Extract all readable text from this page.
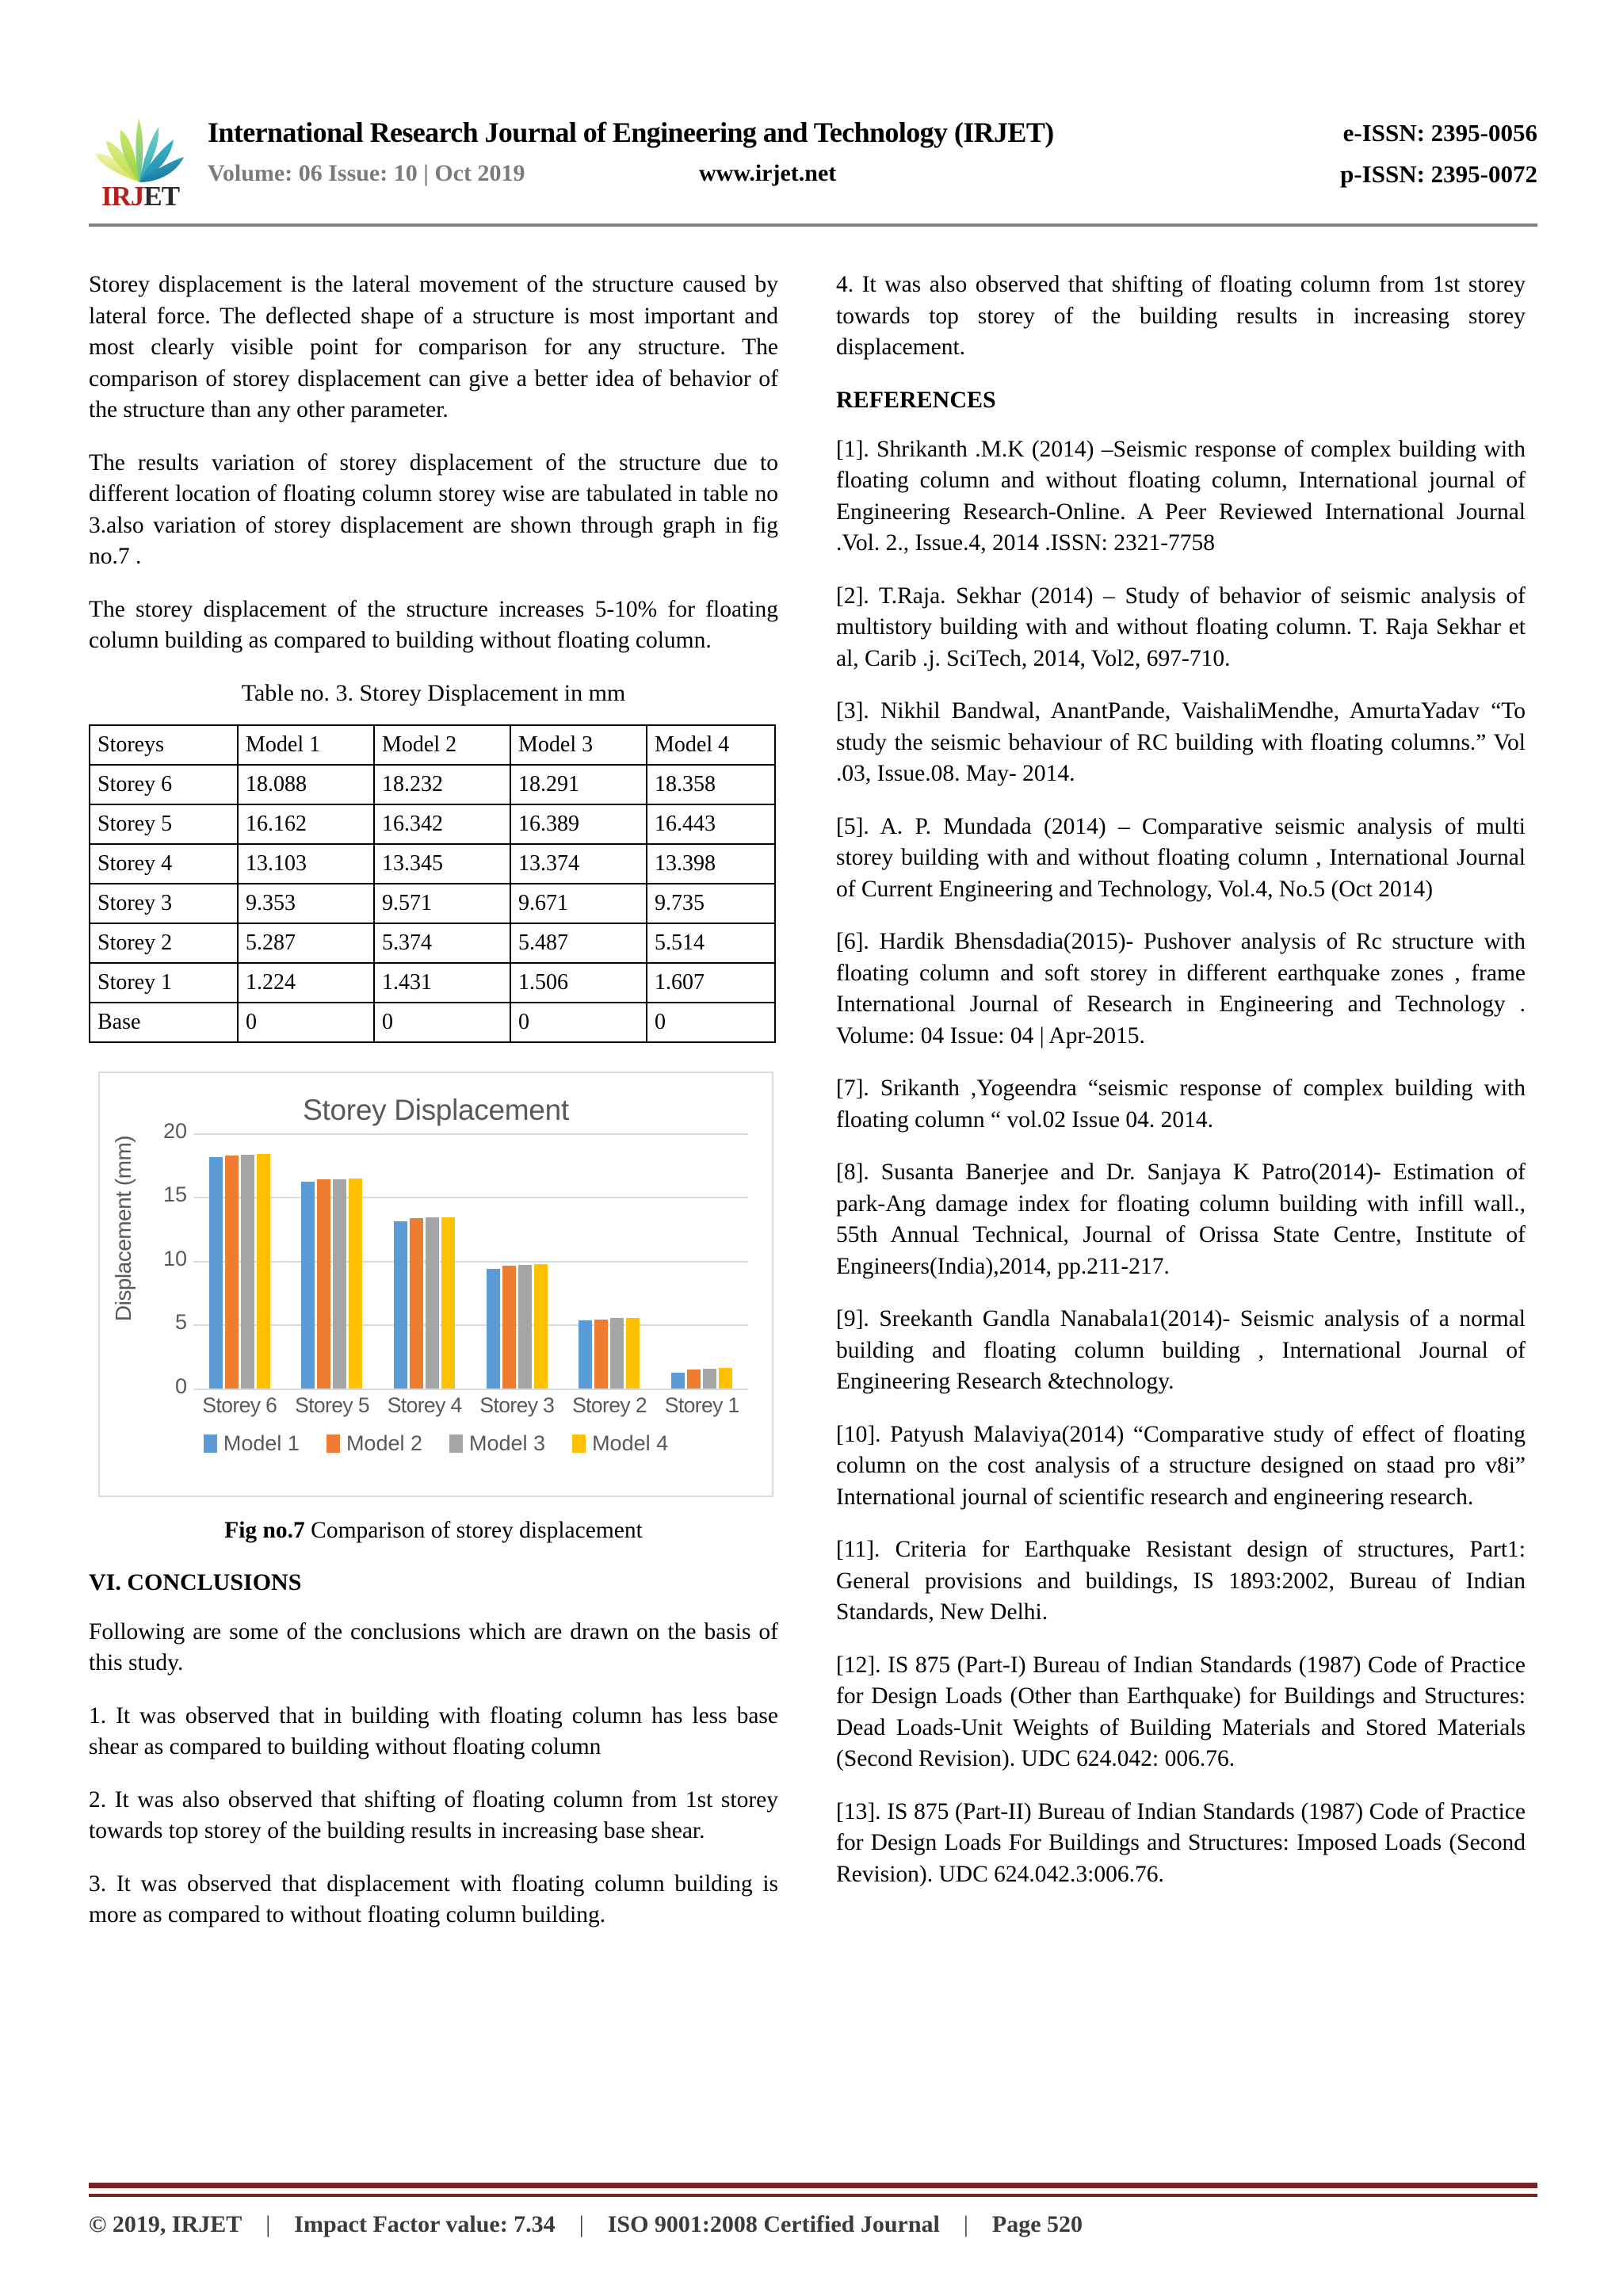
IRJET
International Research Journal of Engineering and Technology (IRJET)	e-ISSN: 2395-0056
Volume: 06 Issue: 10 | Oct 2019	www.irjet.net	p-ISSN: 2395-0072

Storey displacement is the lateral movement of the structure caused by lateral force. The deflected shape of a structure is most important and most clearly visible point for comparison for any structure. The comparison of storey displacement can give a better idea of behavior of the structure than any other parameter.

The results variation of storey displacement of the structure due to different location of floating column storey wise are tabulated in table no 3.also variation of storey displacement are shown through graph in fig no.7 .

The storey displacement of the structure increases 5-10% for floating column building as compared to building without floating column.

Table no. 3. Storey Displacement in mm
Storeys	Model 1	Model 2	Model 3	Model 4
Storey 6	18.088	18.232	18.291	18.358
Storey 5	16.162	16.342	16.389	16.443
Storey 4	13.103	13.345	13.374	13.398
Storey 3	9.353	9.571	9.671	9.735
Storey 2	5.287	5.374	5.487	5.514
Storey 1	1.224	1.431	1.506	1.607
Base	0	0	0	0
Storey Displacement
Displacement (mm)
0
5
10
15
20
Storey 6 Storey 5 Storey 4 Storey 3 Storey 2 Storey 1
Model 1 Model 2 Model 3 Model 4
Fig no.7 Comparison of storey displacement
VI. CONCLUSIONS

Following are some of the conclusions which are drawn on the basis of this study.

1. It was observed that in building with floating column has less base shear as compared to building without floating column

2. It was also observed that shifting of floating column from 1st storey towards top storey of the building results in increasing base shear.

3. It was observed that displacement with floating column building is more as compared to without floating column building.

4. It was also observed that shifting of floating column from 1st storey towards top storey of the building results in increasing storey displacement.

REFERENCES

[1]. Shrikanth .M.K (2014) –Seismic response of complex building with floating column and without floating column, International journal of Engineering Research-Online. A Peer Reviewed International Journal .Vol. 2., Issue.4, 2014 .ISSN: 2321-7758

[2]. T.Raja. Sekhar (2014) – Study of behavior of seismic analysis of multistory building with and without floating column. T. Raja Sekhar et al, Carib .j. SciTech, 2014, Vol2, 697-710.

[3]. Nikhil Bandwal, AnantPande, VaishaliMendhe, AmurtaYadav “To study the seismic behaviour of RC building with floating columns.” Vol .03, Issue.08. May- 2014.

[5]. A. P. Mundada (2014) – Comparative seismic analysis of multi storey building with and without floating column , International Journal of Current Engineering and Technology, Vol.4, No.5 (Oct 2014)

[6]. Hardik Bhensdadia(2015)- Pushover analysis of Rc structure with floating column and soft storey in different earthquake zones , frame International Journal of Research in Engineering and Technology . Volume: 04 Issue: 04 | Apr-2015.

[7]. Srikanth ,Yogeendra “seismic response of complex building with floating column “ vol.02 Issue 04. 2014.

[8]. Susanta Banerjee and Dr. Sanjaya K Patro(2014)- Estimation of park-Ang damage index for floating column building with infill wall., 55th Annual Technical, Journal of Orissa State Centre, Institute of Engineers(India),2014, pp.211-217.

[9]. Sreekanth Gandla Nanabala1(2014)- Seismic analysis of a normal building and floating column building , International Journal of Engineering Research &technology.

[10]. Patyush Malaviya(2014) “Comparative study of effect of floating column on the cost analysis of a structure designed on staad pro v8i” International journal of scientific research and engineering research.

[11]. Criteria for Earthquake Resistant design of structures, Part1: General provisions and buildings, IS 1893:2002, Bureau of Indian Standards, New Delhi.

[12]. IS 875 (Part-I) Bureau of Indian Standards (1987) Code of Practice for Design Loads (Other than Earthquake) for Buildings and Structures: Dead Loads-Unit Weights of Building Materials and Stored Materials (Second Revision). UDC 624.042: 006.76.

[13]. IS 875 (Part-II) Bureau of Indian Standards (1987) Code of Practice for Design Loads For Buildings and Structures: Imposed Loads (Second Revision). UDC 624.042.3:006.76.

© 2019, IRJET | Impact Factor value: 7.34 | ISO 9001:2008 Certified Journal | Page 520
